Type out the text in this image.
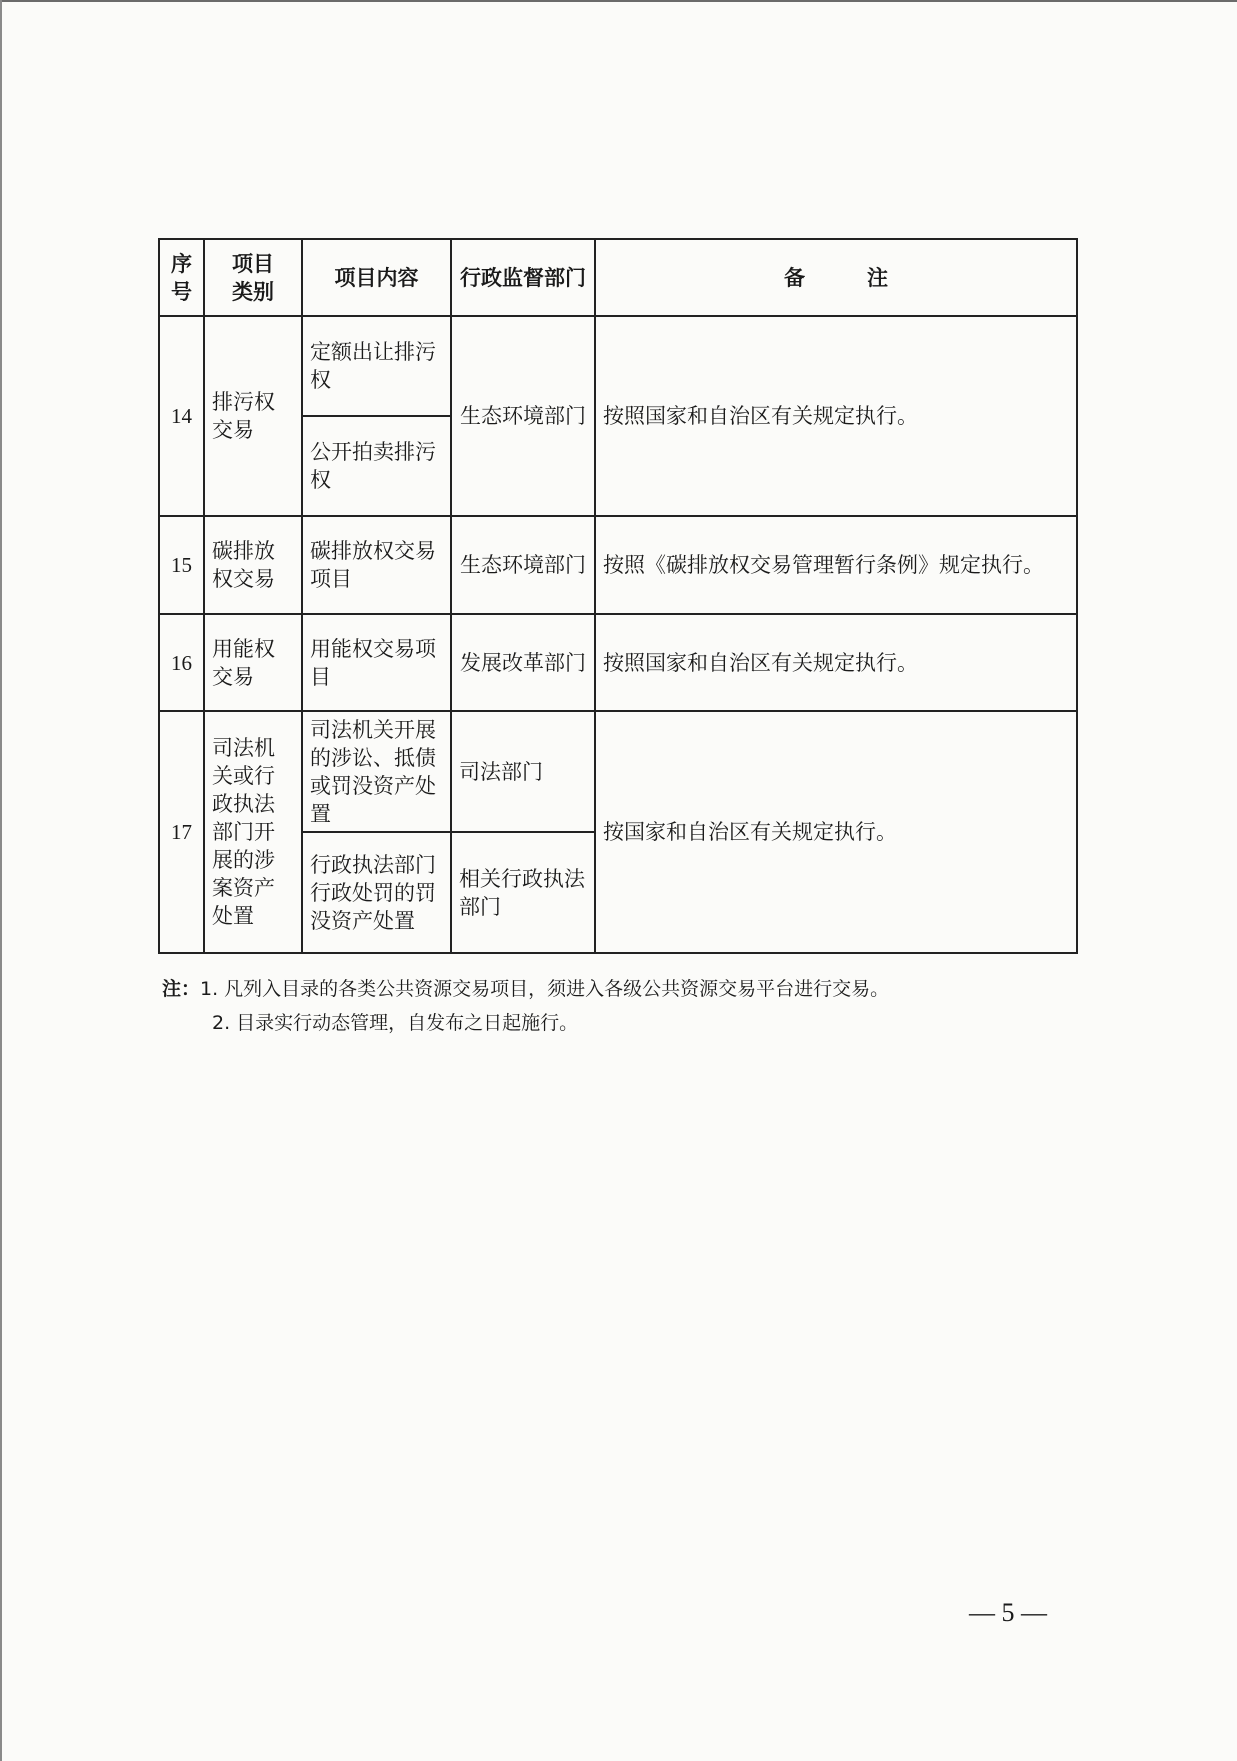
序号	项目类别	项目内容	行政监督部门	备注
14	排污权交易	定额出让排污权	生态环境部门	按照国家和自治区有关规定执行。
		公开拍卖排污权		
15	碳排放权交易	碳排放权交易项目	生态环境部门	按照《碳排放权交易管理暂行条例》规定执行。
16	用能权交易	用能权交易项目	发展改革部门	按照国家和自治区有关规定执行。
17	司法机关或行政执法部门开展的涉案资产处置	司法机关开展的涉讼、抵债或罚没资产处置	司法部门	按国家和自治区有关规定执行。
		行政执法部门行政处罚的罚没资产处置	相关行政执法部门	
注：1. 凡列入目录的各类公共资源交易项目，须进入各级公共资源交易平台进行交易。
2. 目录实行动态管理，自发布之日起施行。
— 5 —
